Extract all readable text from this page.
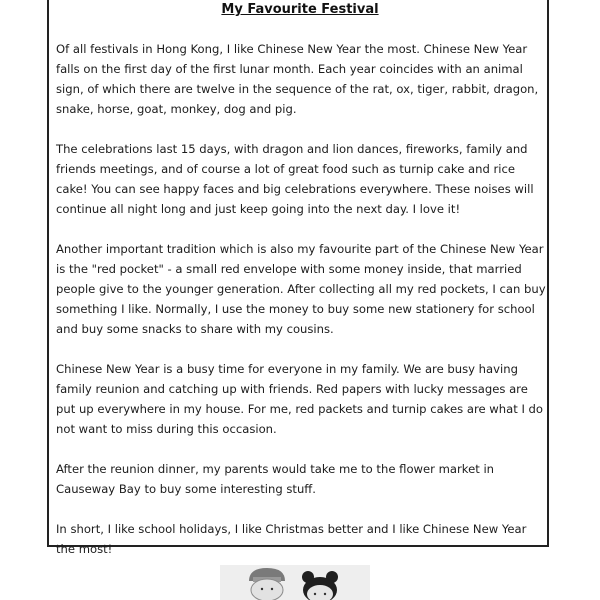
My Favourite Festival

Of all festivals in Hong Kong, I like Chinese New Year the most. Chinese New Year falls on the first day of the first lunar month. Each year coincides with an animal sign, of which there are twelve in the sequence of the rat, ox, tiger, rabbit, dragon, snake, horse, goat, monkey, dog and pig.

The celebrations last 15 days, with dragon and lion dances, fireworks, family and friends meetings, and of course a lot of great food such as turnip cake and rice cake! You can see happy faces and big celebrations everywhere. These noises will continue all night long and just keep going into the next day. I love it!

Another important tradition which is also my favourite part of the Chinese New Year is the "red pocket" - a small red envelope with some money inside, that married people give to the younger generation. After collecting all my red pockets, I can buy something I like. Normally, I use the money to buy some new stationery for school and buy some snacks to share with my cousins.

Chinese New Year is a busy time for everyone in my family. We are busy having family reunion and catching up with friends. Red papers with lucky messages are put up everywhere in my house. For me, red packets and turnip cakes are what I do not want to miss during this occasion.

After the reunion dinner, my parents would take me to the flower market in Causeway Bay to buy some interesting stuff.

In short, I like school holidays, I like Christmas better and I like Chinese New Year the most!
